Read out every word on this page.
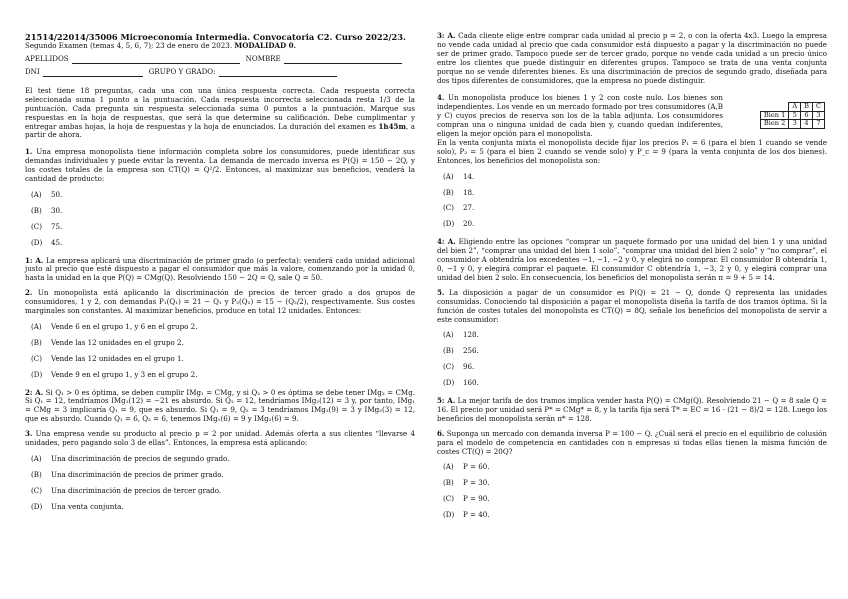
21514/22014/35006 Microeconomía Intermedia. Convocatoria C2. Curso 2022/23.
Segundo Examen (temas 4, 5, 6, 7); 23 de enero de 2023. MODALIDAD 0.
APELLIDOS	NOMBRE
DNI	GRUPO Y GRADO:

El test tiene 18 preguntas, cada una con una única respuesta correcta. Cada respuesta correcta seleccionada suma 1 punto a la puntuación. Cada respuesta incorrecta seleccionada resta 1/3 de la puntuación. Cada pregunta sin respuesta seleccionada suma 0 puntos a la puntuación. Marque sus respuestas en la hoja de respuestas, que será la que determine su calificación. Debe cumplimentar y entregar ambas hojas, la hoja de respuestas y la hoja de enunciados. La duración del examen es 1h45m, a partir de ahora.

1. Una empresa monopolista tiene información completa sobre los consumidores, puede identificar sus demandas individuales y puede evitar la reventa. La demanda de mercado inversa es P(Q) = 150 − 2Q, y los costes totales de la empresa son CT(Q) = Q²/2. Entonces, al maximizar sus beneficios, venderá la cantidad de producto:

(A) 50.
(B) 30.
(C) 75.
(D) 45.

1: A. La empresa aplicará una discriminación de primer grado (o perfecta): venderá cada unidad adicional justo al precio que esté dispuesto a pagar el consumidor que más la valore, comenzando por la unidad 0, hasta la unidad en la que P(Q) = CMg(Q). Resolviendo 150 − 2Q = Q, sale Q = 50.

2. Un monopolista está aplicando la discriminación de precios de tercer grado a dos grupos de consumidores, 1 y 2, con demandas P₁(Q₁) = 21 − Q₁ y P₂(Q₂) = 15 − (Q₂/2), respectivamente. Sus costes marginales son constantes. Al maximizar beneficios, produce en total 12 unidades. Entonces:

(A) Vende 6 en el grupo 1, y 6 en el grupo 2.
(B) Vende las 12 unidades en el grupo 2.
(C) Vende las 12 unidades en el grupo 1.
(D) Vende 9 en el grupo 1, y 3 en el grupo 2.

2: A. Si Q₁ > 0 es óptima, se deben cumplir IMg₁ = CMg, y si Q₂ > 0 es óptima se debe tener IMg₂ = CMg. Si Q₁ = 12, tendríamos IMg₁(12) = −21 es absurdo. Si Q₂ = 12, tendríamos IMg₂(12) = 3 y, por tanto, IMg₁ = CMg = 3 implicaría Q₁ = 9, que es absurdo. Si Q₁ = 9, Q₂ = 3 tendríamos IMg₁(9) = 3 y IMg₂(3) = 12, que es absurdo. Cuando Q₁ = 6, Q₂ = 6, tenemos IMg₁(6) = 9 y IMg₂(6) = 9.

3. Una empresa vende su producto al precio p = 2 por unidad. Además oferta a sus clientes “llevarse 4 unidades, pero pagando solo 3 de ellas”. Entonces, la empresa está aplicando:

(A) Una discriminación de precios de segundo grado.
(B) Una discriminación de precios de primer grado.
(C) Una discriminación de precios de tercer grado.
(D) Una venta conjunta.

3: A. Cada cliente elige entre comprar cada unidad al precio p = 2, o con la oferta 4x3. Luego la empresa no vende cada unidad al precio que cada consumidor está dispuesto a pagar y la discriminación no puede ser de primer grado. Tampoco puede ser de tercer grado, porque no vende cada unidad a un precio único entre los clientes que puede distinguir en diferentes grupos. Tampoco se trata de una venta conjunta porque no se vende diferentes bienes. Es una discriminación de precios de segundo grado, diseñada para dos tipos diferentes de consumidores, que la empresa no puede distinguir.

4. Un monopolista produce los bienes 1 y 2 con coste nulo. Los bienes son independientes. Los vende en un mercado formado por tres consumidores (A,B y C) cuyos precios de reserva son los de la tabla adjunta. Los consumidores compran una o ninguna unidad de cada bien y, cuando quedan indiferentes, eligen la mejor opción para el monopolista.

	A	B	C
Bien 1	5	6	3
Bien 2	3	4	7

En la venta conjunta mixta el monopolista decide fijar los precios P₁ = 6 (para el bien 1 cuando se vende solo), P₂ = 5 (para el bien 2 cuando se vende solo) y P_c = 9 (para la venta conjunta de los dos bienes). Entonces, los beneficios del monopolista son:

(A) 14.
(B) 18.
(C) 27.
(D) 20.

4: A. Eligiendo entre las opciones “comprar un paquete formado por una unidad del bien 1 y una unidad del bien 2”, “comprar una unidad del bien 1 solo”, “comprar una unidad del bien 2 solo” y “no comprar”, el consumidor A obtendría los excedentes −1, −1, −2 y 0, y elegirá no comprar. El consumidor B obtendría 1, 0, −1 y 0, y elegirá comprar el paquete. El consumidor C obtendría 1, −3, 2 y 0, y elegirá comprar una unidad del bien 2 solo. En consecuencia, los beneficios del monopolista serán π = 9 + 5 = 14.

5. La disposición a pagar de un consumidor es P(Q) = 21 − Q, donde Q representa las unidades consumidas. Conociendo tal disposición a pagar el monopolista diseña la tarifa de dos tramos óptima. Si la función de costes totales del monopolista es CT(Q) = 8Q, señale los beneficios del monopolista de servir a este consumidor:

(A) 128.
(B) 256.
(C) 96.
(D) 160.

5: A. La mejor tarifa de dos tramos implica vender hasta P(Q) = CMg(Q). Resolviendo 21 − Q = 8 sale Q = 16. El precio por unidad será P* = CMg* = 8, y la tarifa fija será T* = EC = 16 · (21 − 8)/2 = 128. Luego los beneficios del monopolista serán π* = 128.

6. Suponga un mercado con demanda inversa P = 100 − Q. ¿Cuál será el precio en el equilibrio de colusión para el modelo de competencia en cantidades con n empresas si todas ellas tienen la misma función de costes CT(Q) = 20Q?

(A) P = 60.
(B) P = 30.
(C) P = 90.
(D) P = 40.
